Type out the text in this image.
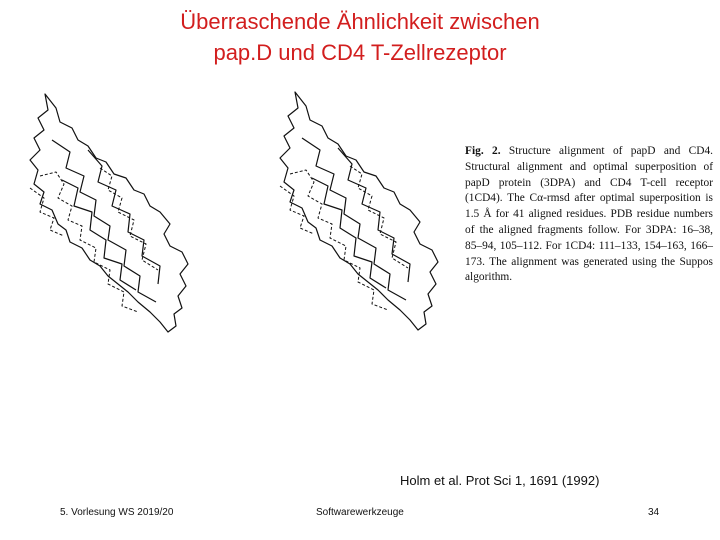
Überraschende Ähnlichkeit zwischen
pap.D und CD4 T-Zellrezeptor
Fig. 2. Structure alignment of papD and CD4. Structural alignment and optimal superposition of papD protein (3DPA) and CD4 T-cell receptor (1CD4). The Cα-rmsd after optimal superposition is 1.5 Å for 41 aligned residues. PDB residue numbers of the aligned fragments follow. For 3DPA: 16–38, 85–94, 105–112. For 1CD4: 111–133, 154–163, 166–173. The alignment was generated using the Suppos algorithm.
Holm et al. Prot Sci 1, 1691 (1992)
5. Vorlesung WS 2019/20	Softwarewerkzeuge	34
